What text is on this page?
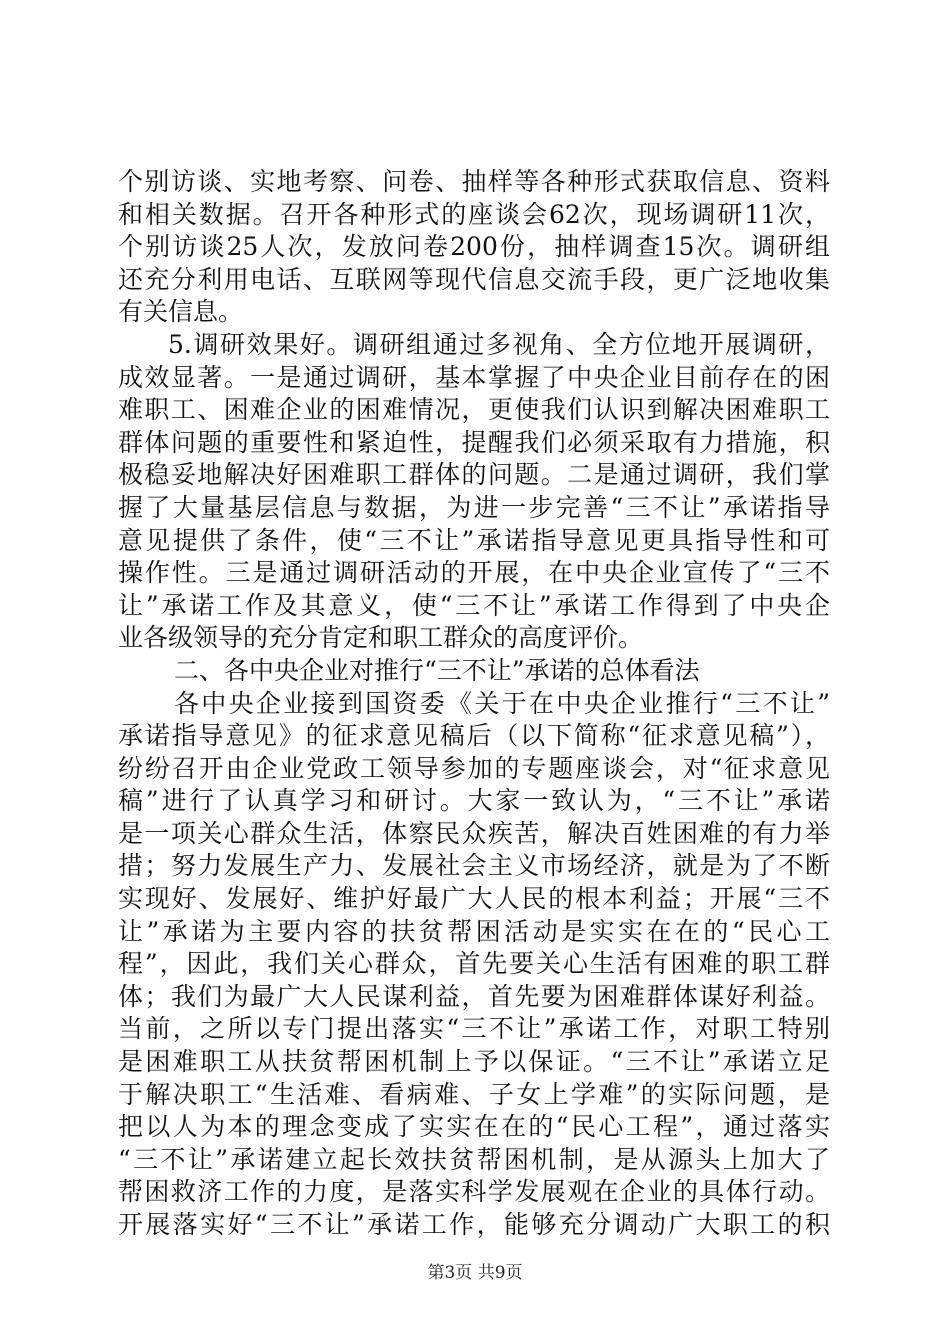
个别访谈、实地考察、问卷、抽样等各种形式获取信息、资料
和相关数据。召开各种形式的座谈会62次，现场调研11次，
个别访谈25人次，发放问卷200份，抽样调查15次。调研组
还充分利用电话、互联网等现代信息交流手段，更广泛地收集
有关信息。
5.调研效果好。调研组通过多视角、全方位地开展调研，
成效显著。一是通过调研，基本掌握了中央企业目前存在的困
难职工、困难企业的困难情况，更使我们认识到解决困难职工
群体问题的重要性和紧迫性，提醒我们必须采取有力措施，积
极稳妥地解决好困难职工群体的问题。二是通过调研，我们掌
握了大量基层信息与数据，为进一步完善“三不让”承诺指导
意见提供了条件，使“三不让”承诺指导意见更具指导性和可
操作性。三是通过调研活动的开展，在中央企业宣传了“三不
让”承诺工作及其意义，使“三不让”承诺工作得到了中央企
业各级领导的充分肯定和职工群众的高度评价。
二、各中央企业对推行“三不让”承诺的总体看法
各中央企业接到国资委《关于在中央企业推行“三不让”
承诺指导意见》的征求意见稿后（以下简称“征求意见稿”），
纷纷召开由企业党政工领导参加的专题座谈会，对“征求意见
稿”进行了认真学习和研讨。大家一致认为，“三不让”承诺
是一项关心群众生活，体察民众疾苦，解决百姓困难的有力举
措；努力发展生产力、发展社会主义市场经济，就是为了不断
实现好、发展好、维护好最广大人民的根本利益；开展“三不
让”承诺为主要内容的扶贫帮困活动是实实在在的“民心工
程”，因此，我们关心群众，首先要关心生活有困难的职工群
体；我们为最广大人民谋利益，首先要为困难群体谋好利益。
当前，之所以专门提出落实“三不让”承诺工作，对职工特别
是困难职工从扶贫帮困机制上予以保证。“三不让”承诺立足
于解决职工“生活难、看病难、子女上学难”的实际问题，是
把以人为本的理念变成了实实在在的“民心工程”，通过落实
“三不让”承诺建立起长效扶贫帮困机制，是从源头上加大了
帮困救济工作的力度，是落实科学发展观在企业的具体行动。
开展落实好“三不让”承诺工作，能够充分调动广大职工的积
第3页 共9页
